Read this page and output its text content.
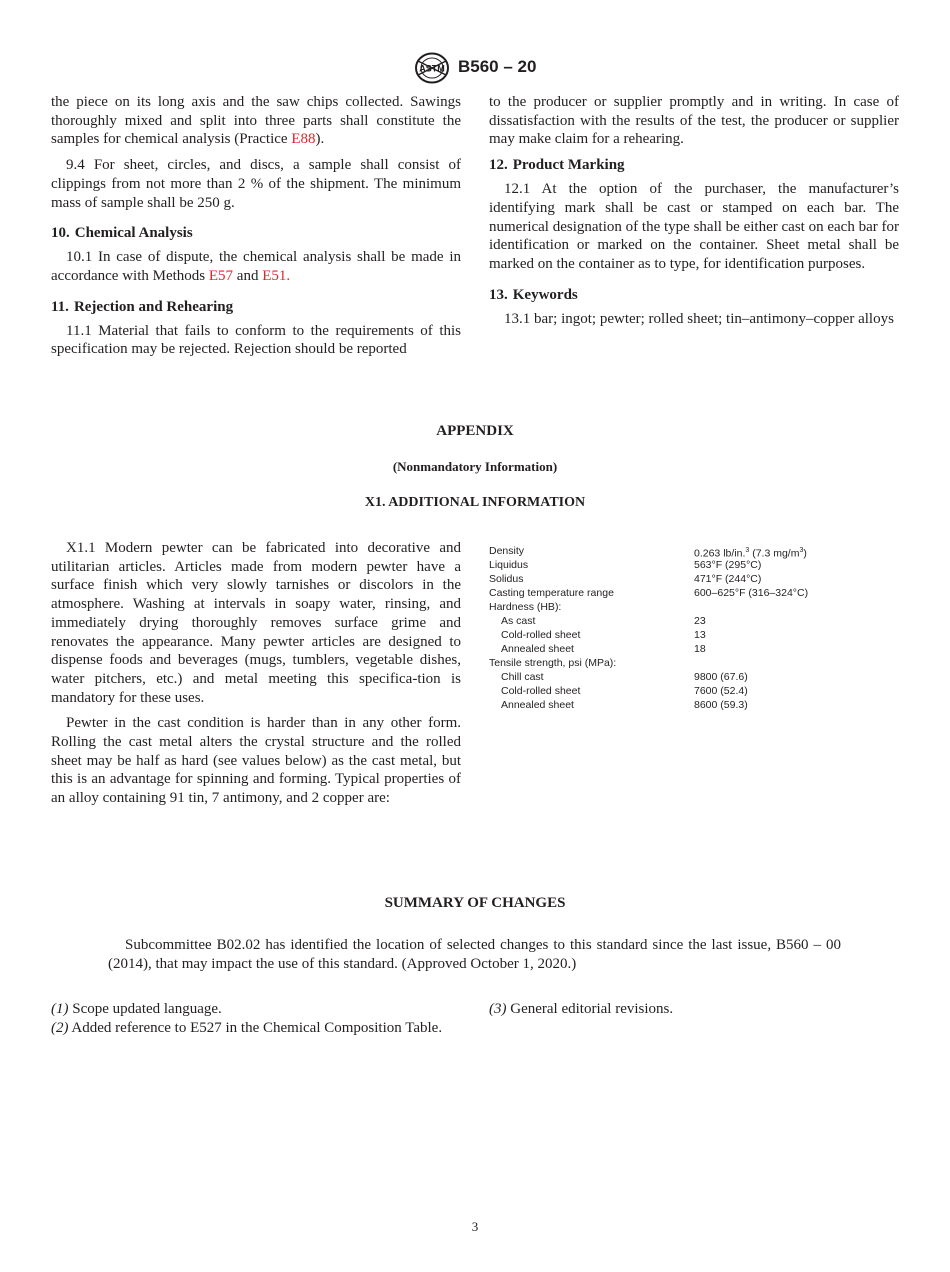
ASTM B560 – 20

the piece on its long axis and the saw chips collected. Sawings thoroughly mixed and split into three parts shall constitute the samples for chemical analysis (Practice E88).

9.4 For sheet, circles, and discs, a sample shall consist of clippings from not more than 2 % of the shipment. The minimum mass of sample shall be 250 g.

10. Chemical Analysis

10.1 In case of dispute, the chemical analysis shall be made in accordance with Methods E57 and E51.

11. Rejection and Rehearing

11.1 Material that fails to conform to the requirements of this specification may be rejected. Rejection should be reported

to the producer or supplier promptly and in writing. In case of dissatisfaction with the results of the test, the producer or supplier may make claim for a rehearing.

12. Product Marking

12.1 At the option of the purchaser, the manufacturer’s identifying mark shall be cast or stamped on each bar. The numerical designation of the type shall be either cast on each bar for identification or marked on the container. Sheet metal shall be marked on the container as to type, for identification purposes.

13. Keywords

13.1 bar; ingot; pewter; rolled sheet; tin–antimony–copper alloys

APPENDIX
(Nonmandatory Information)
X1. ADDITIONAL INFORMATION

X1.1 Modern pewter can be fabricated into decorative and utilitarian articles. Articles made from modern pewter have a surface finish which very slowly tarnishes or discolors in the atmosphere. Washing at intervals in soapy water, rinsing, and immediately drying thoroughly removes surface grime and renovates the appearance. Many pewter articles are designed to dispense foods and beverages (mugs, tumblers, vegetable dishes, water pitchers, etc.) and metal meeting this specifica-tion is mandatory for these uses.

Pewter in the cast condition is harder than in any other form. Rolling the cast metal alters the crystal structure and the rolled sheet may be half as hard (see values below) as the cast metal, but this is an advantage for spinning and forming. Typical properties of an alloy containing 91 tin, 7 antimony, and 2 copper are:

Density	0.263 lb/in.$^3$ (7.3 $mg/m^3$)
Liquidus	563°F (295°C)
Solidus	471°F (244°C)
Casting temperature range	600–625°F (316–324°C)
Hardness (HB):
As cast	23
Cold-rolled sheet	13
Annealed sheet	18
Tensile strength, psi (MPa):
Chill cast	9800 (67.6)
Cold-rolled sheet	7600 (52.4)
Annealed sheet	8600 (59.3)
SUMMARY OF CHANGES
Subcommittee B02.02 has identified the location of selected changes to this standard since the last issue, B560 – 00 (2014), that may impact the use of this standard. (Approved October 1, 2020.)

(1) Scope updated language.

(2) Added reference to E527 in the Chemical Composition Table.

(3) General editorial revisions.

3
